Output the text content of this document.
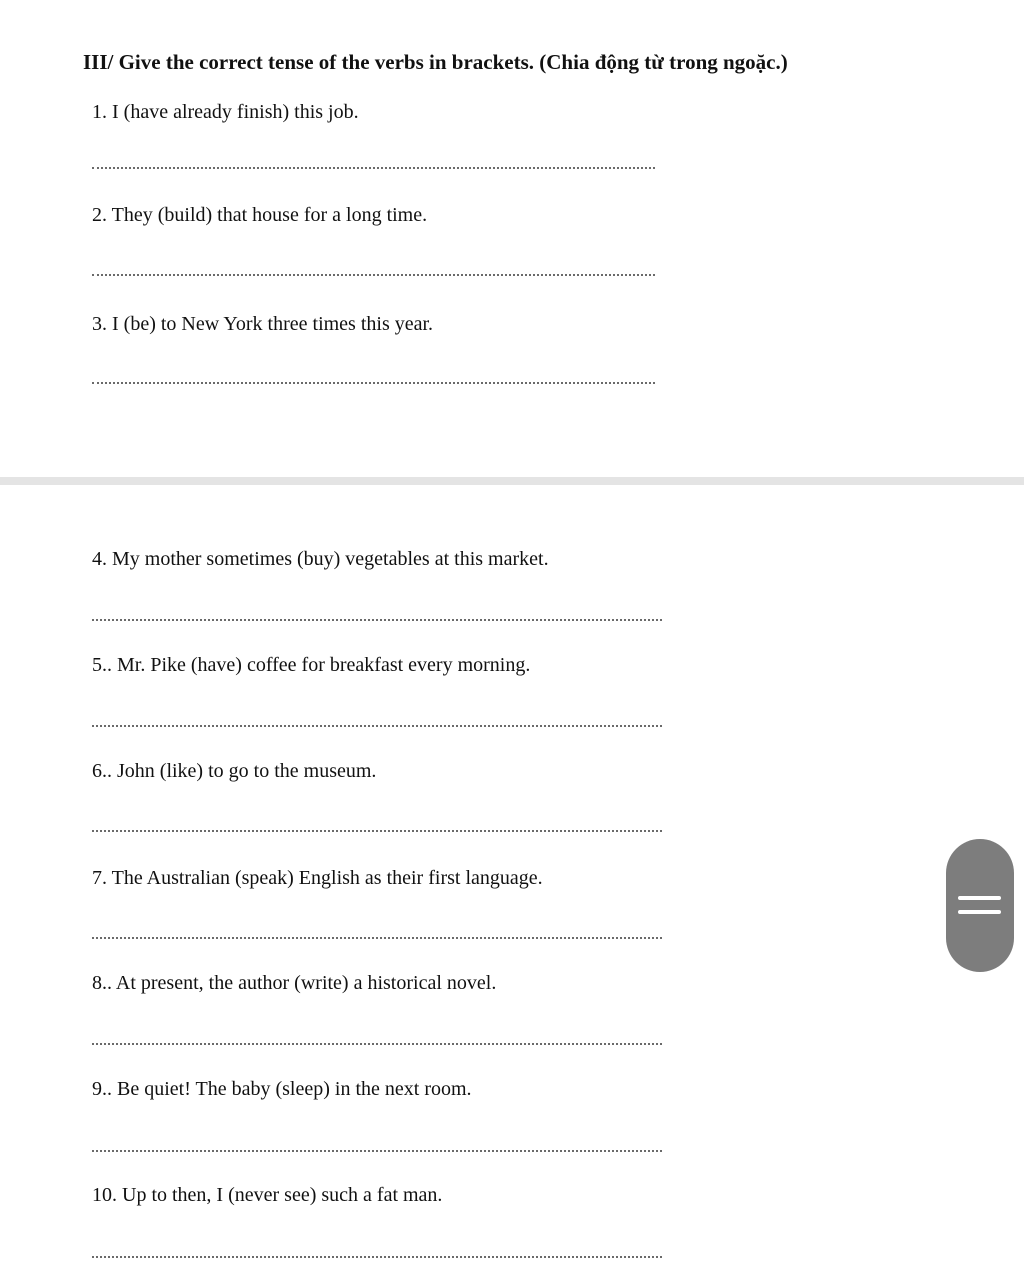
III/ Give the correct tense of the verbs in brackets. (Chia động từ trong ngoặc.)
1. I (have already finish) this job.
2. They (build) that house for a long time.
3. I (be) to New York three times this year.
4. My mother sometimes (buy) vegetables at this market.
5.. Mr. Pike (have) coffee for breakfast every morning.
6.. John (like) to go to the museum.
7. The Australian (speak) English as their first language.
8.. At present, the author (write) a historical novel.
9.. Be quiet! The baby (sleep) in the next room.
10. Up to then, I (never see) such a fat man.
